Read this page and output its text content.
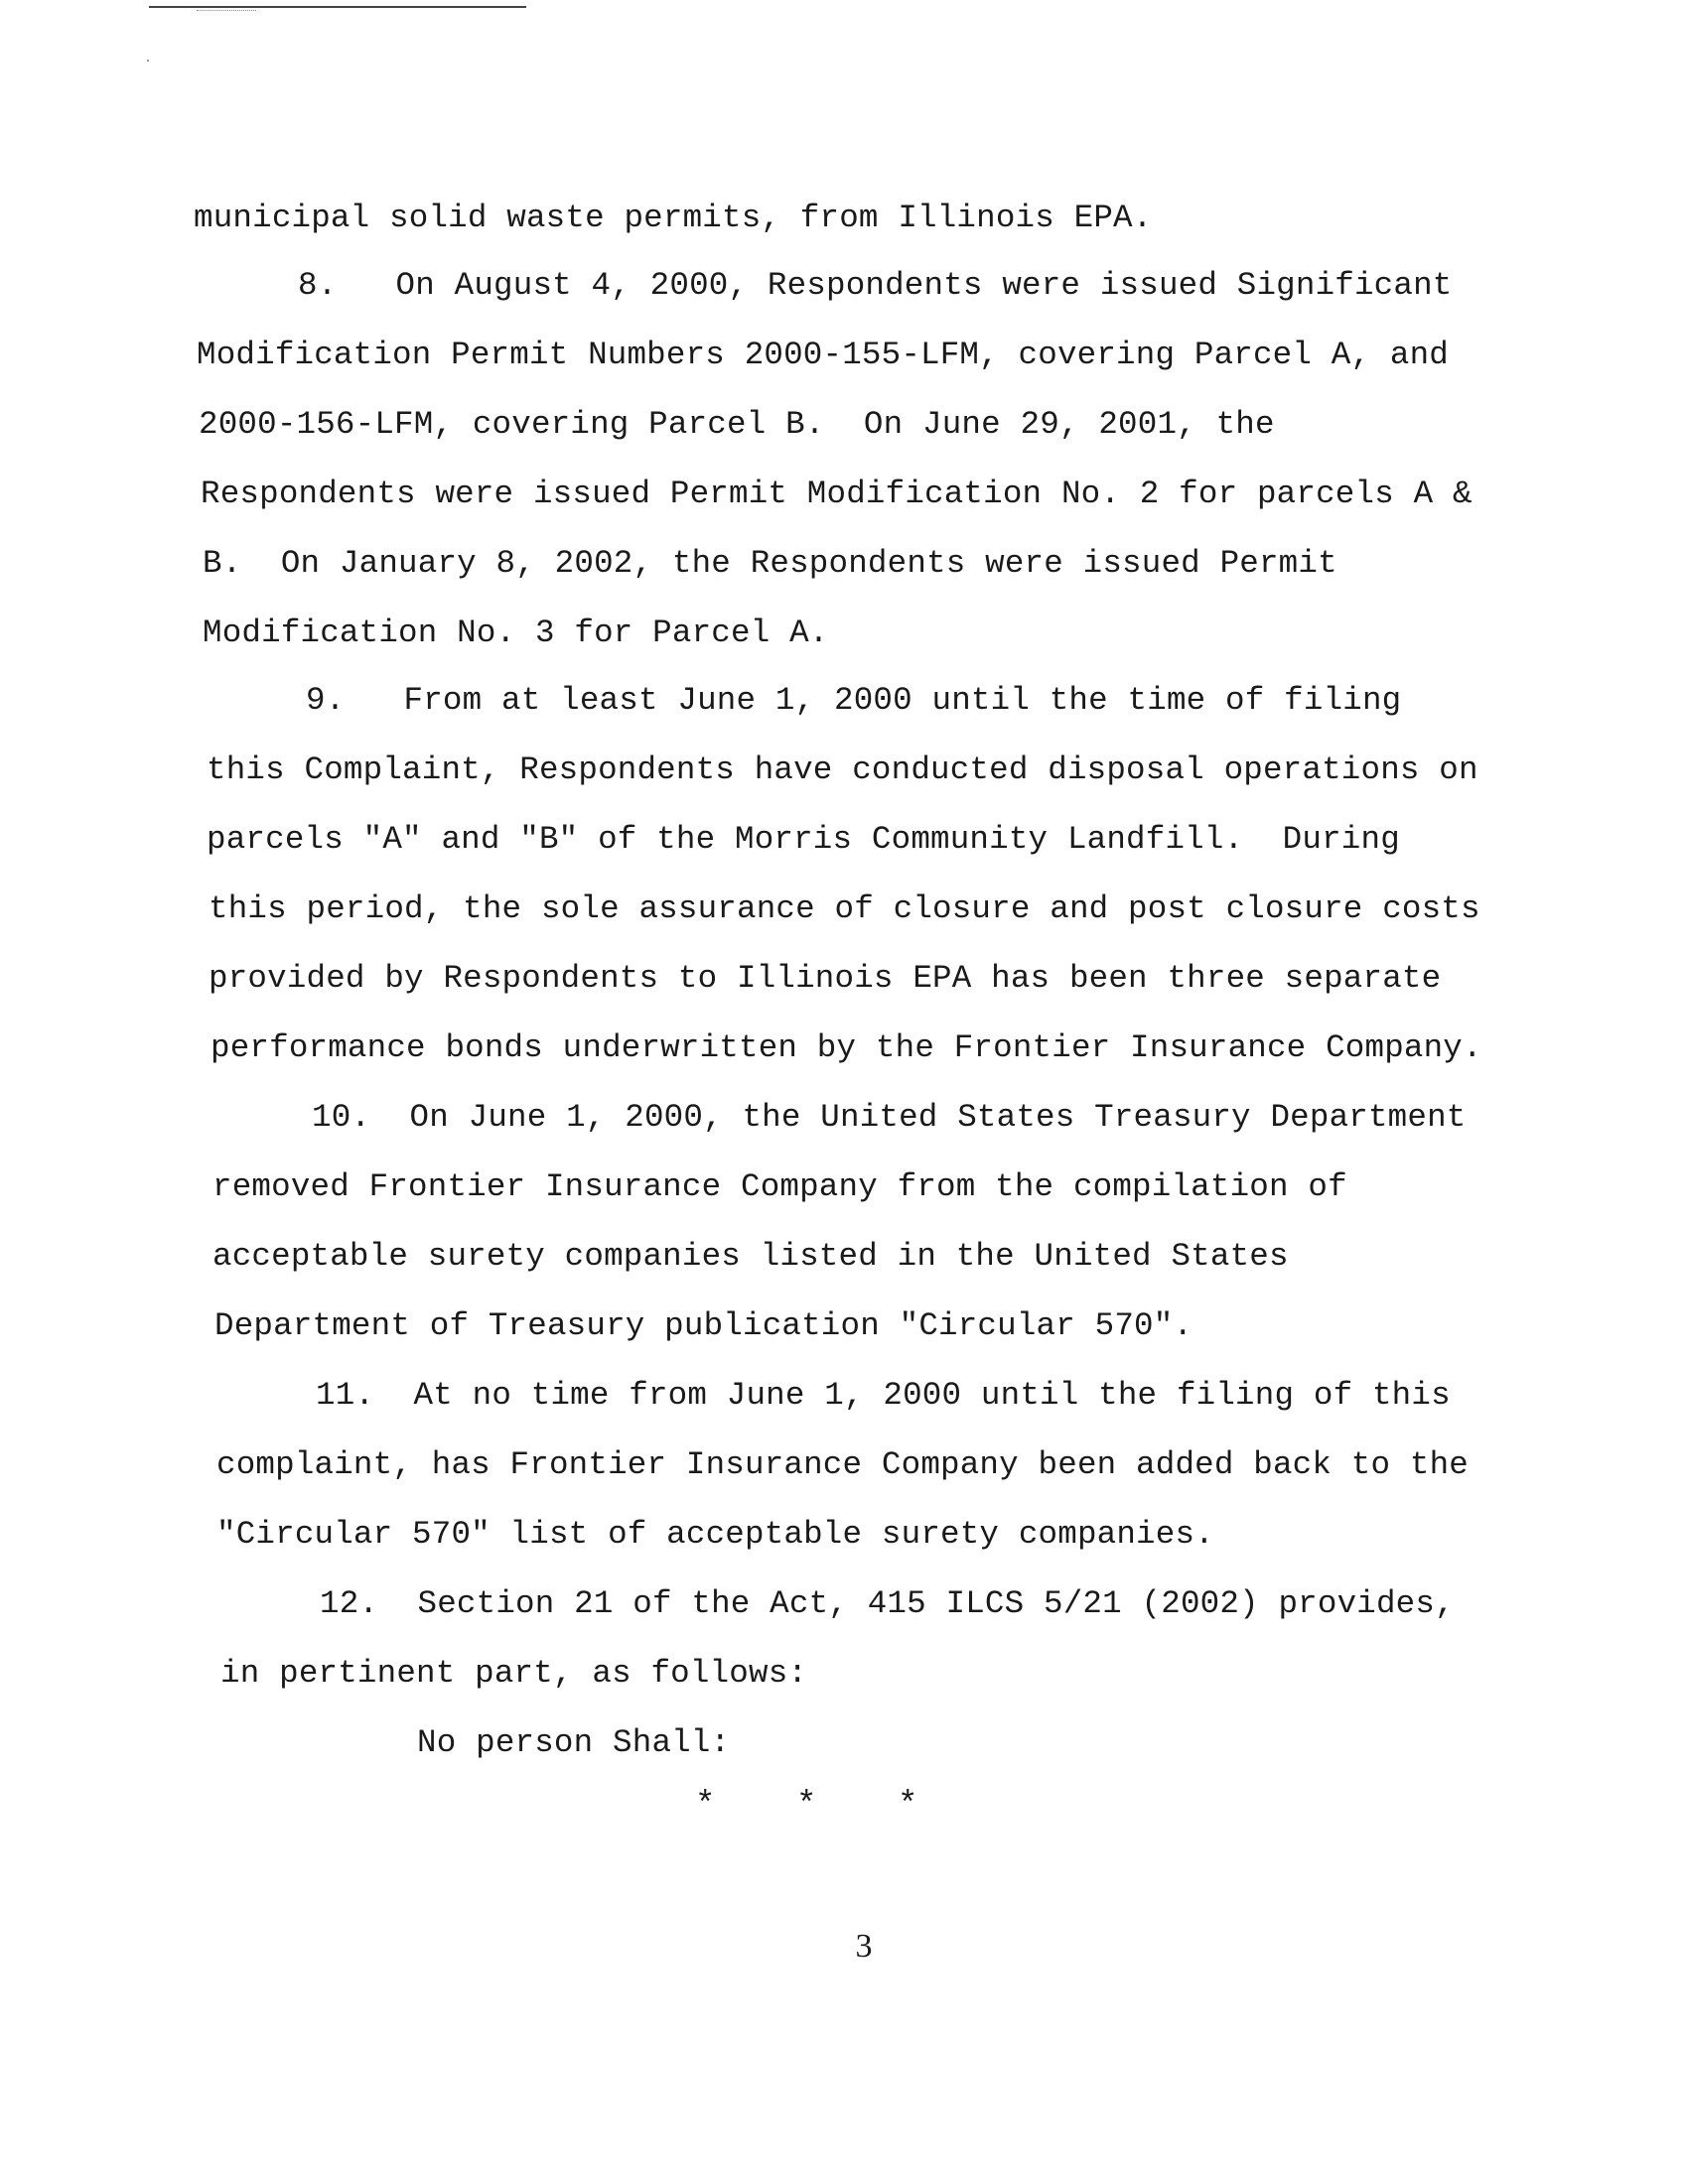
municipal solid waste permits, from Illinois EPA.
8.   On August 4, 2000, Respondents were issued Significant
Modification Permit Numbers 2000-155-LFM, covering Parcel A, and
2000-156-LFM, covering Parcel B.  On June 29, 2001, the
Respondents were issued Permit Modification No. 2 for parcels A &
B.  On January 8, 2002, the Respondents were issued Permit
Modification No. 3 for Parcel A.
9.   From at least June 1, 2000 until the time of filing
this Complaint, Respondents have conducted disposal operations on
parcels "A" and "B" of the Morris Community Landfill.  During
this period, the sole assurance of closure and post closure costs
provided by Respondents to Illinois EPA has been three separate
performance bonds underwritten by the Frontier Insurance Company.
10.  On June 1, 2000, the United States Treasury Department
removed Frontier Insurance Company from the compilation of
acceptable surety companies listed in the United States
Department of Treasury publication "Circular 570".
11.  At no time from June 1, 2000 until the filing of this
complaint, has Frontier Insurance Company been added back to the
"Circular 570" list of acceptable surety companies.
12.  Section 21 of the Act, 415 ILCS 5/21 (2002) provides,
in pertinent part, as follows:
No person Shall:
*    *    *
3
